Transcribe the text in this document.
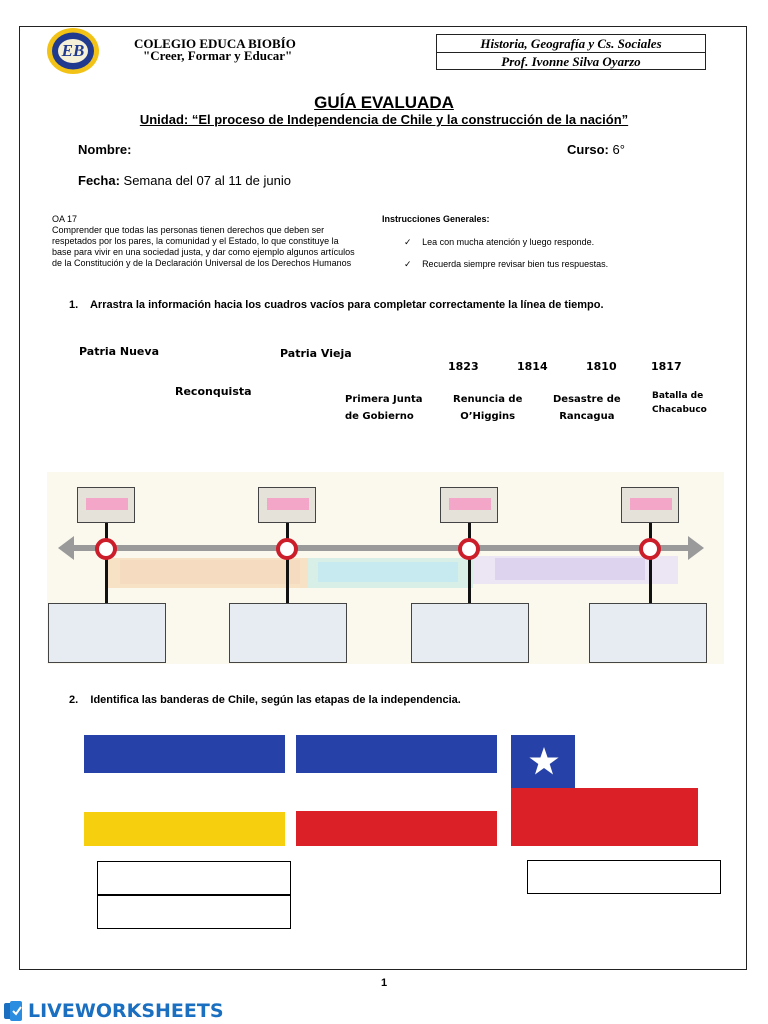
EB	COLEGIO EDUCA BIOBÍO
"Creer, Formar y Educar"
Historia, Geografía y Cs. Sociales
Prof. Ivonne Silva Oyarzo
GUÍA EVALUADA
Unidad: “El proceso de Independencia de Chile y la construcción de la nación”
Nombre:	Curso: 6°
Fecha: Semana del 07 al 11 de junio
OA 17
Comprender que todas las personas tienen derechos que deben ser
respetados por los pares, la comunidad y el Estado, lo que constituye la
base para vivir en una sociedad justa, y dar como ejemplo algunos artículos
de la Constitución y de la Declaración Universal de los Derechos Humanos
Instrucciones Generales:
✓ Lea con mucha atención y luego responde.
✓ Recuerda siempre revisar bien tus respuestas.
1.    Arrastra la información hacia los cuadros vacíos para completar correctamente la línea de tiempo.
Patria Nueva	Patria Vieja
Reconquista
1823	1814	1810	1817
Primera Junta
de Gobierno
Renuncia de
O’Higgins
Desastre de
Rancagua
Batalla de
Chacabuco
2.    Identifica las banderas de Chile, según las etapas de la independencia.
1
LIVEWORKSHEETS
